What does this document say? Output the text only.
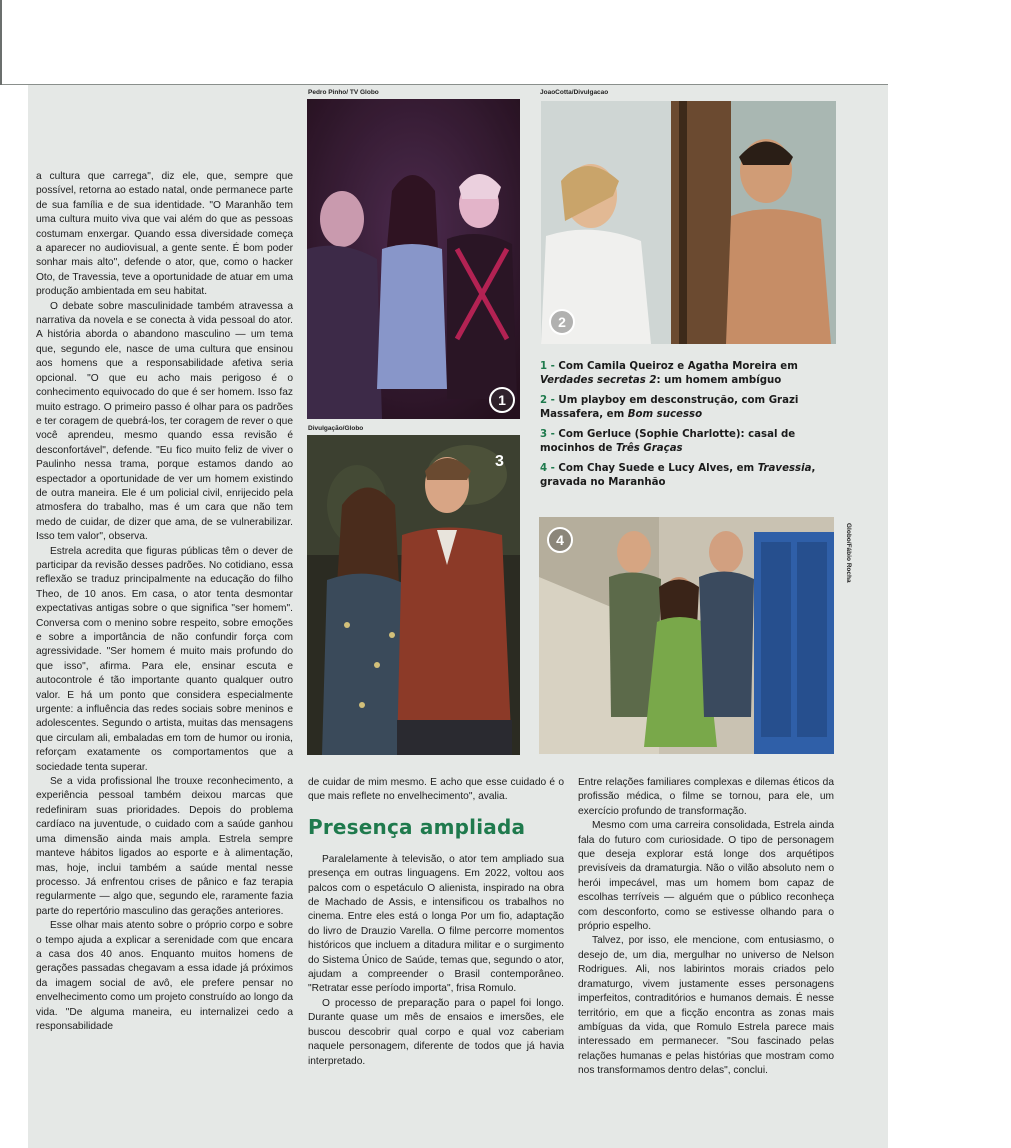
a cultura que carrega", diz ele, que, sempre que possível, retorna ao estado natal, onde permanece parte de sua família e de sua identidade. "O Maranhão tem uma cultura muito viva que vai além do que as pessoas costumam enxergar. Quando essa diversidade começa a aparecer no audiovisual, a gente sente. É bom poder sonhar mais alto", defende o ator, que, como o hacker Oto, de Travessia, teve a oportunidade de atuar em uma produção ambientada em seu habitat.

O debate sobre masculinidade também atravessa a narrativa da novela e se conecta à vida pessoal do ator. A história aborda o abandono masculino — um tema que, segundo ele, nasce de uma cultura que ensinou aos homens que a responsabilidade afetiva seria opcional. "O que eu acho mais perigoso é o conhecimento equivocado do que é ser homem. Isso faz muito estrago. O primeiro passo é olhar para os padrões e ter coragem de quebrá-los, ter coragem de rever o que você aprendeu, mesmo quando essa revisão é desconfortável", defende. "Eu fico muito feliz de viver o Paulinho nessa trama, porque estamos dando ao espectador a oportunidade de ver um homem existindo de outra maneira. Ele é um policial civil, enrijecido pela atmosfera do trabalho, mas é um cara que não tem medo de cuidar, de dizer que ama, de se vulnerabilizar. Isso tem valor", observa.

Estrela acredita que figuras públicas têm o dever de participar da revisão desses padrões. No cotidiano, essa reflexão se traduz principalmente na educação do filho Theo, de 10 anos. Em casa, o ator tenta desmontar expectativas antigas sobre o que significa "ser homem". Conversa com o menino sobre respeito, sobre emoções e sobre a importância de não confundir força com agressividade. "Ser homem é muito mais profundo do que isso", afirma. Para ele, ensinar escuta e autocontrole é tão importante quanto qualquer outro valor. E há um ponto que considera especialmente urgente: a influência das redes sociais sobre meninos e adolescentes. Segundo o artista, muitas das mensagens que circulam ali, embaladas em tom de humor ou ironia, reforçam exatamente os comportamentos que a sociedade tenta superar.

Se a vida profissional lhe trouxe reconhecimento, a experiência pessoal também deixou marcas que redefiniram suas prioridades. Depois do problema cardíaco na juventude, o cuidado com a saúde ganhou uma dimensão ainda mais ampla. Estrela sempre manteve hábitos ligados ao esporte e à alimentação, mas, hoje, inclui também a saúde mental nesse processo. Já enfrentou crises de pânico e faz terapia regularmente — algo que, segundo ele, raramente fazia parte do repertório masculino das gerações anteriores.

Esse olhar mais atento sobre o próprio corpo e sobre o tempo ajuda a explicar a serenidade com que encara a casa dos 40 anos. Enquanto muitos homens de gerações passadas chegavam a essa idade já próximos da imagem social de avô, ele prefere pensar no envelhecimento como um projeto construído ao longo da vida. "De alguma maneira, eu internalizei cedo a responsabilidade

Pedro Pinho/ TV Globo
1
Divulgação/Globo
3
JoaoCotta/Divulgacao
2
1 - Com Camila Queiroz e Agatha Moreira em Verdades secretas 2: um homem ambíguo
2 - Um playboy em desconstrução, com Grazi Massafera, em Bom sucesso
3 - Com Gerluce (Sophie Charlotte): casal de mocinhos de Três Graças
4 - Com Chay Suede e Lucy Alves, em Travessia, gravada no Maranhão
4	Globo/Fábio Rocha

de cuidar de mim mesmo. E acho que esse cuidado é o que mais reflete no envelhecimento", avalia.

Paralelamente à televisão, o ator tem ampliado sua presença em outras linguagens. Em 2022, voltou aos palcos com o espetáculo O alienista, inspirado na obra de Machado de Assis, e intensificou os trabalhos no cinema. Entre eles está o longa Por um fio, adaptação do livro de Drauzio Varella. O filme percorre momentos históricos que incluem a ditadura militar e o surgimento do Sistema Único de Saúde, temas que, segundo o ator, ajudam a compreender o Brasil contemporâneo. "Retratar esse período importa", frisa Romulo.

O processo de preparação para o papel foi longo. Durante quase um mês de ensaios e imersões, ele buscou descobrir qual corpo e qual voz caberiam naquele personagem, diferente de todos que já havia interpretado.

Presença ampliada

Entre relações familiares complexas e dilemas éticos da profissão médica, o filme se tornou, para ele, um exercício profundo de transformação.

Mesmo com uma carreira consolidada, Estrela ainda fala do futuro com curiosidade. O tipo de personagem que deseja explorar está longe dos arquétipos previsíveis da dramaturgia. Não o vilão absoluto nem o herói impecável, mas um homem bom capaz de escolhas terríveis — alguém que o público reconheça com desconforto, como se estivesse olhando para o próprio espelho.

Talvez, por isso, ele mencione, com entusiasmo, o desejo de, um dia, mergulhar no universo de Nelson Rodrigues. Ali, nos labirintos morais criados pelo dramaturgo, vivem justamente esses personagens imperfeitos, contraditórios e humanos demais. É nesse território, em que a ficção encontra as zonas mais ambíguas da vida, que Romulo Estrela parece mais interessado em permanecer. "Sou fascinado pelas relações humanas e pelas histórias que mostram como nos transformamos dentro delas", conclui.
